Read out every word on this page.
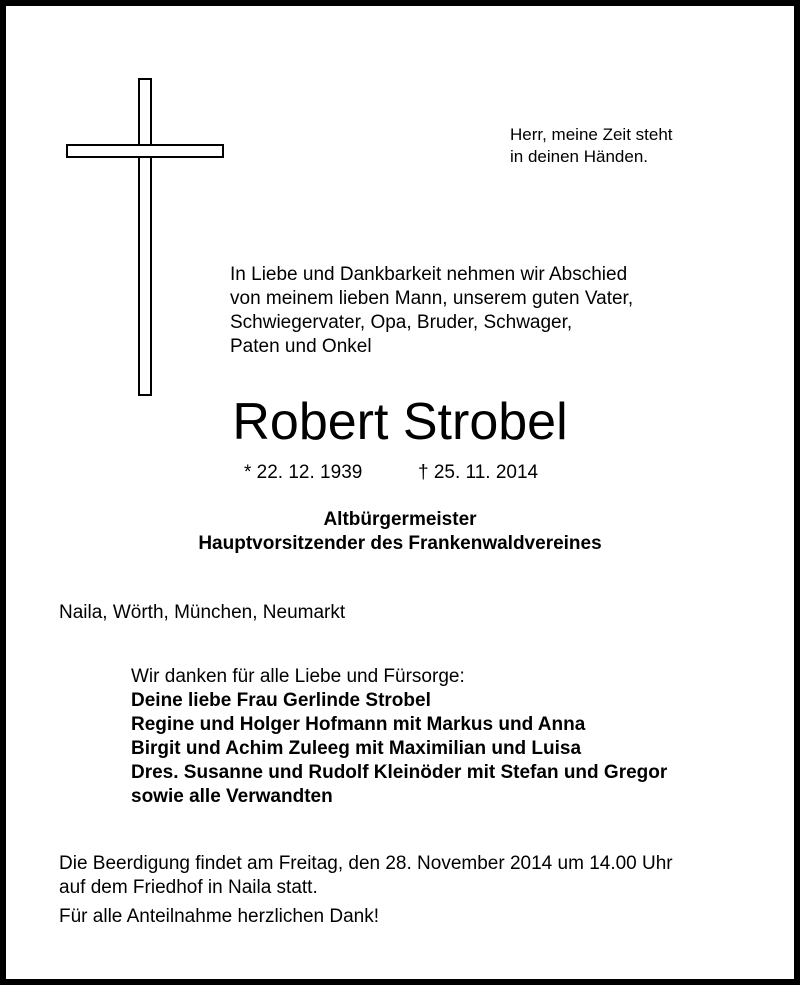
Herr, meine Zeit steht

in deinen Händen.

In Liebe und Dankbarkeit nehmen wir Abschied

von meinem lieben Mann, unserem guten Vater,

Schwiegervater, Opa, Bruder, Schwager,

Paten und Onkel

Robert Strobel

* 22. 12. 1939	† 25. 11. 2014

Altbürgermeister

Hauptvorsitzender des Frankenwaldvereines

Naila, Wörth, München, Neumarkt

Wir danken für alle Liebe und Fürsorge:

Deine liebe Frau Gerlinde Strobel

Regine und Holger Hofmann mit Markus und Anna

Birgit und Achim Zuleeg mit Maximilian und Luisa

Dres. Susanne und Rudolf Kleinöder mit Stefan und Gregor

sowie alle Verwandten

Die Beerdigung findet am Freitag, den 28. November 2014 um 14.00 Uhr

auf dem Friedhof in Naila statt.

Für alle Anteilnahme herzlichen Dank!
